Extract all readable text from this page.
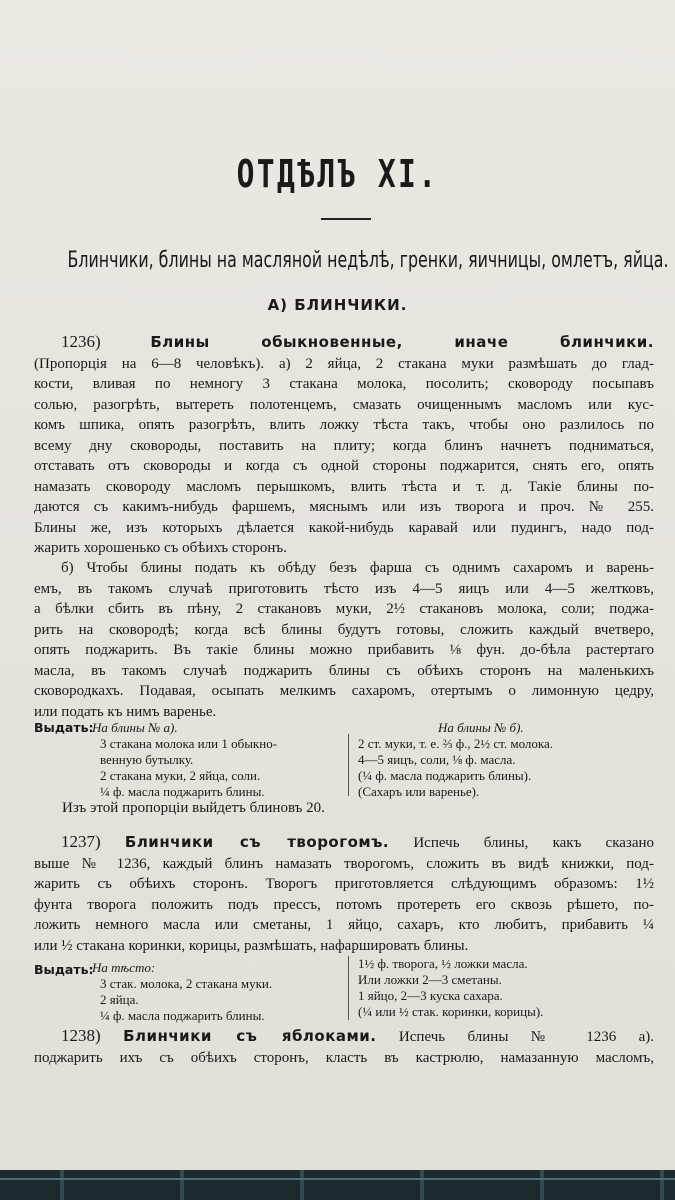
ОТДѢЛЪ XI.
Блинчики, блины на масляной недѣлѣ, гренки, яичницы, омлетъ, яйца.
А) БЛИНЧИКИ.
1236)	Блины обыкновенные, иначе блинчики.
(Пропорція на 6—8 человѣкъ). а) 2 яйца, 2 стакана муки размѣшать до глад-
кости, вливая по немногу 3 стакана молока, посолить; сковороду посыпавъ
солью, разогрѣть, вытереть полотенцемъ, смазать очищеннымъ масломъ или кус-
комъ шпика, опять разогрѣть, влить ложку тѣста такъ, чтобы оно разлилось по
всему дну сковороды, поставить на плиту; когда блинъ начнетъ подниматься,
отставать отъ сковороды и когда съ одной стороны поджарится, снять его, опять
намазать сковороду масломъ перышкомъ, влить тѣста и т. д. Такіе блины по-
даются съ какимъ-нибудь фаршемъ, мяснымъ или изъ творога и проч. № 255.
Блины же, изъ которыхъ дѣлается какой-нибудь каравай или пудингъ, надо под-
жарить хорошенько съ обѣихъ сторонъ.
б) Чтобы блины подать къ обѣду безъ фарша съ однимъ сахаромъ и варень-
емъ, въ такомъ случаѣ приготовить тѣсто изъ 4—5 яицъ или 4—5 желтковъ,
а бѣлки сбить въ пѣну, 2 стакановъ муки, 2½ стакановъ молока, соли; поджа-
рить на сковородѣ; когда всѣ блины будутъ готовы, сложить каждый вчетверо,
опять поджарить. Въ такіе блины можно прибавить ⅛ фун. до-бѣла растертаго
масла, въ такомъ случаѣ поджарить блины съ обѣихъ сторонъ на маленькихъ
сковородкахъ. Подавая, осыпать мелкимъ сахаромъ, отертымъ о лимонную цедру,
или подать къ нимъ варенье.
Выдать:
На блины № а).
3 стакана молока или 1 обыкно-
венную бутылку.
2 стакана муки, 2 яйца, соли.
¼ ф. масла поджарить блины.
На блины № б).
2 ст. муки, т. е. ⅔ ф., 2½ ст. молока.
4—5 яицъ, соли, ⅛ ф. масла.
(¼ ф. масла поджарить блины).
(Сахаръ или варенье).
Изъ этой пропорціи выйдетъ блиновъ 20.
1237) Блинчики съ творогомъ. Испечь блины, какъ сказано
выше № 1236, каждый блинъ намазать творогомъ, сложить въ видѣ книжки, под-
жарить съ обѣихъ сторонъ. Творогъ приготовляется слѣдующимъ образомъ: 1½
фунта творога положить подъ прессъ, потомъ протереть его сквозь рѣшето, по-
ложить немного масла или сметаны, 1 яйцо, сахаръ, кто любитъ, прибавить ¼
или ½ стакана коринки, корицы, размѣшать, нафаршировать блины.
Выдать:
На тѣсто:
3 стак. молока, 2 стакана муки.
2 яйца.
¼ ф. масла поджарить блины.
1½ ф. творога, ½ ложки масла.
Или ложки 2—3 сметаны.
1 яйцо, 2—3 куска сахара.
(¼ или ½ стак. коринки, корицы).
1238) Блинчики съ яблоками. Испечь блины № 1236 а).
поджарить ихъ съ обѣихъ сторонъ, класть въ кастрюлю, намазанную масломъ,
